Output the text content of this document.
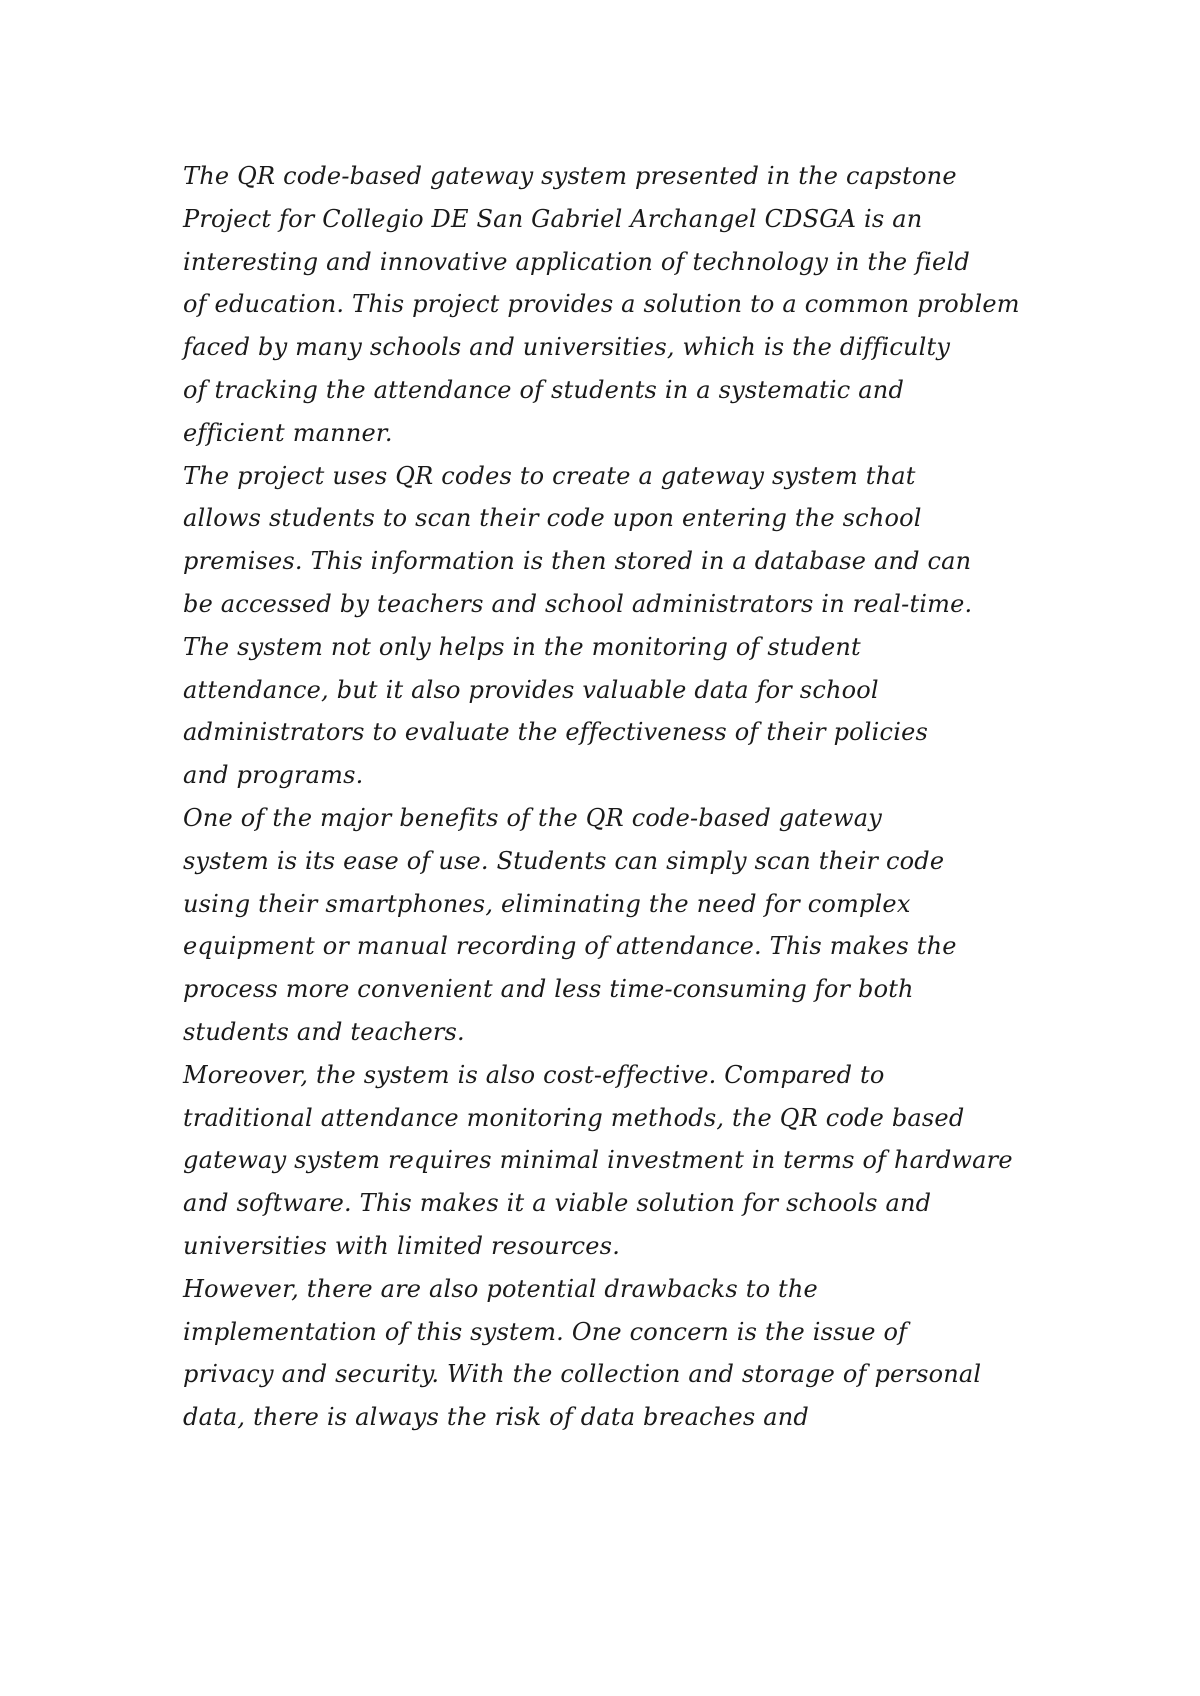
The QR code-based gateway system presented in the capstone
Project for Collegio DE San Gabriel Archangel CDSGA is an
interesting and innovative application of technology in the field
of education. This project provides a solution to a common problem
faced by many schools and universities, which is the difficulty
of tracking the attendance of students in a systematic and
efficient manner.
The project uses QR codes to create a gateway system that
allows students to scan their code upon entering the school
premises. This information is then stored in a database and can
be accessed by teachers and school administrators in real-time.
The system not only helps in the monitoring of student
attendance, but it also provides valuable data for school
administrators to evaluate the effectiveness of their policies
and programs.
One of the major benefits of the QR code-based gateway
system is its ease of use. Students can simply scan their code
using their smartphones, eliminating the need for complex
equipment or manual recording of attendance. This makes the
process more convenient and less time-consuming for both
students and teachers.
Moreover, the system is also cost-effective. Compared to
traditional attendance monitoring methods, the QR code based
gateway system requires minimal investment in terms of hardware
and software. This makes it a viable solution for schools and
universities with limited resources.
However, there are also potential drawbacks to the
implementation of this system. One concern is the issue of
privacy and security. With the collection and storage of personal
data, there is always the risk of data breaches and
